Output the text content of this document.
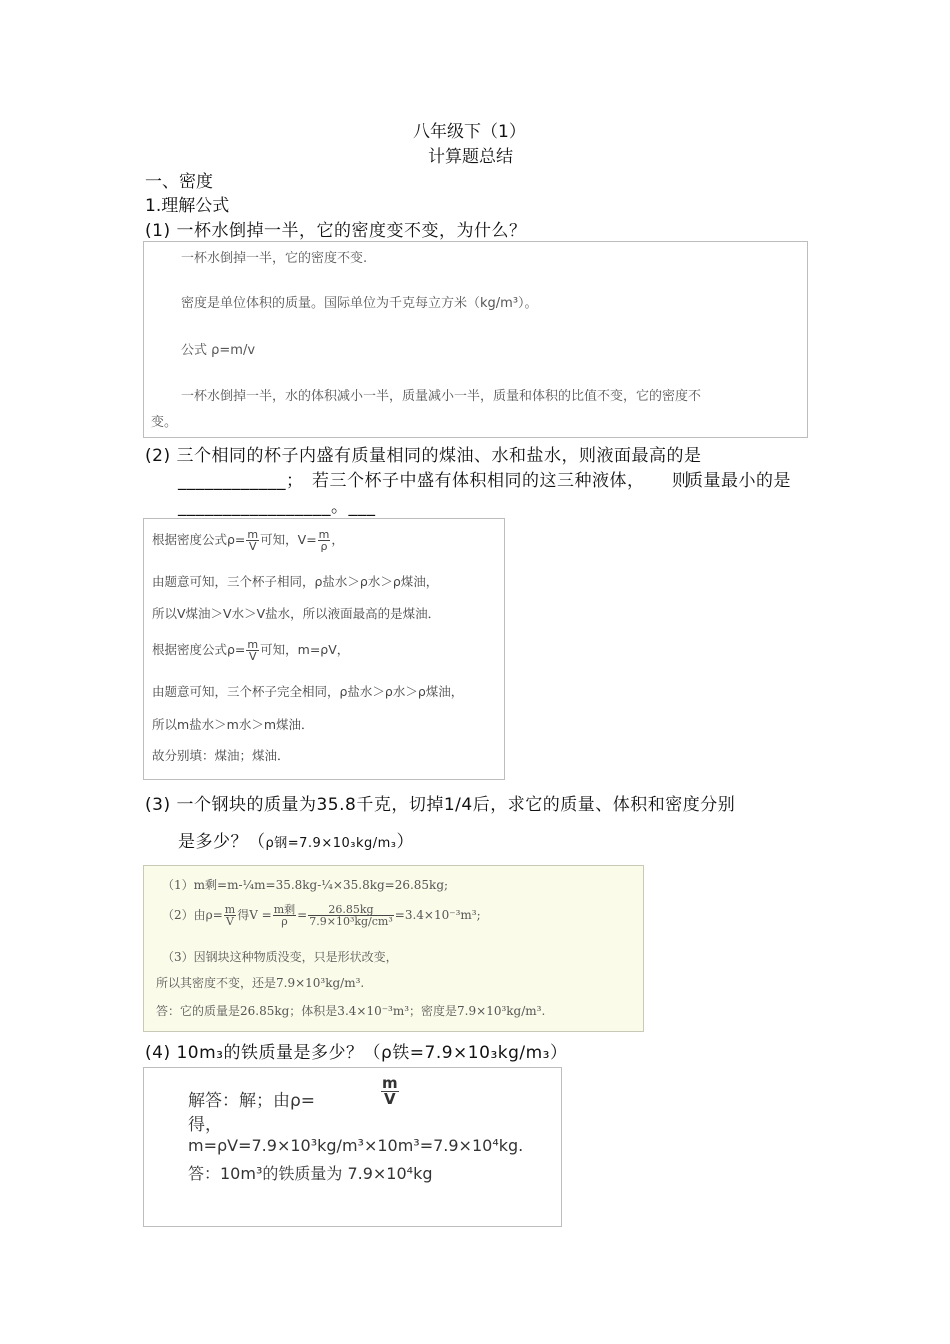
八年级下（1）
计算题总结
一、密度
1.理解公式
(1) 一杯水倒掉一半，它的密度变不变，为什么？
一杯水倒掉一半，它的密度不变.
密度是单位体积的质量。国际单位为千克每立方米（kg/m³）。
公式 ρ=m/v
一杯水倒掉一半，水的体积减小一半，质量减小一半，质量和体积的比值不变，它的密度不
变。
(2) 三个相同的杯子内盛有质量相同的煤油、水和盐水，则液面最高的是
____________； 若三个杯子中盛有体积相同的这三种液体， 则
质量最小的是
_________________。___
根据密度公式$\rho= \frac{m}{V}$ 可知，$V= \frac{m}{\rho}$ ，
由题意可知，三个杯子相同，ρ盐水＞ρ水＞ρ煤油，
所以V煤油＞V水＞V盐水，所以液面最高的是煤油．
根据密度公式$\rho= \frac{m}{V}$ 可知，m=ρV，
由题意可知，三个杯子完全相同，ρ盐水＞ρ水＞ρ煤油，
所以m盐水＞m水＞m煤油．
故分别填：煤油；煤油．
(3) 一个钢块的质量为35.8千克，切掉1/4后，求它的质量、体积和密度分别
是多少？（ρ钢=7.9×10₃kg/m₃）
（1）m剩=m-¼m=35.8kg-¼×35.8kg=26.85kg;
（2）由$\rho= \frac{m}{V}$ 得$V = \frac{\text{m剩}}{\rho} = \frac{26.85kg}{\text{7.9×10³kg/cm³}} =3.4\times 10^{-3}m^3$;
（3）因钢块这种物质没变，只是形状改变，
所以其密度不变，还是7.9×10³kg/m³.
答：它的质量是26.85kg；体积是3.4×10⁻³m³；密度是7.9×10³kg/m³.
(4) 10m₃的铁质量是多少？（ρ铁=7.9×10₃kg/m₃）
解答：解；由ρ=	$\frac{m}{V}$
得，
m=ρV=7.9×10³kg/m³×10m³=7.9×10⁴kg.
答：10m³的铁质量为 7.9×10⁴kg
